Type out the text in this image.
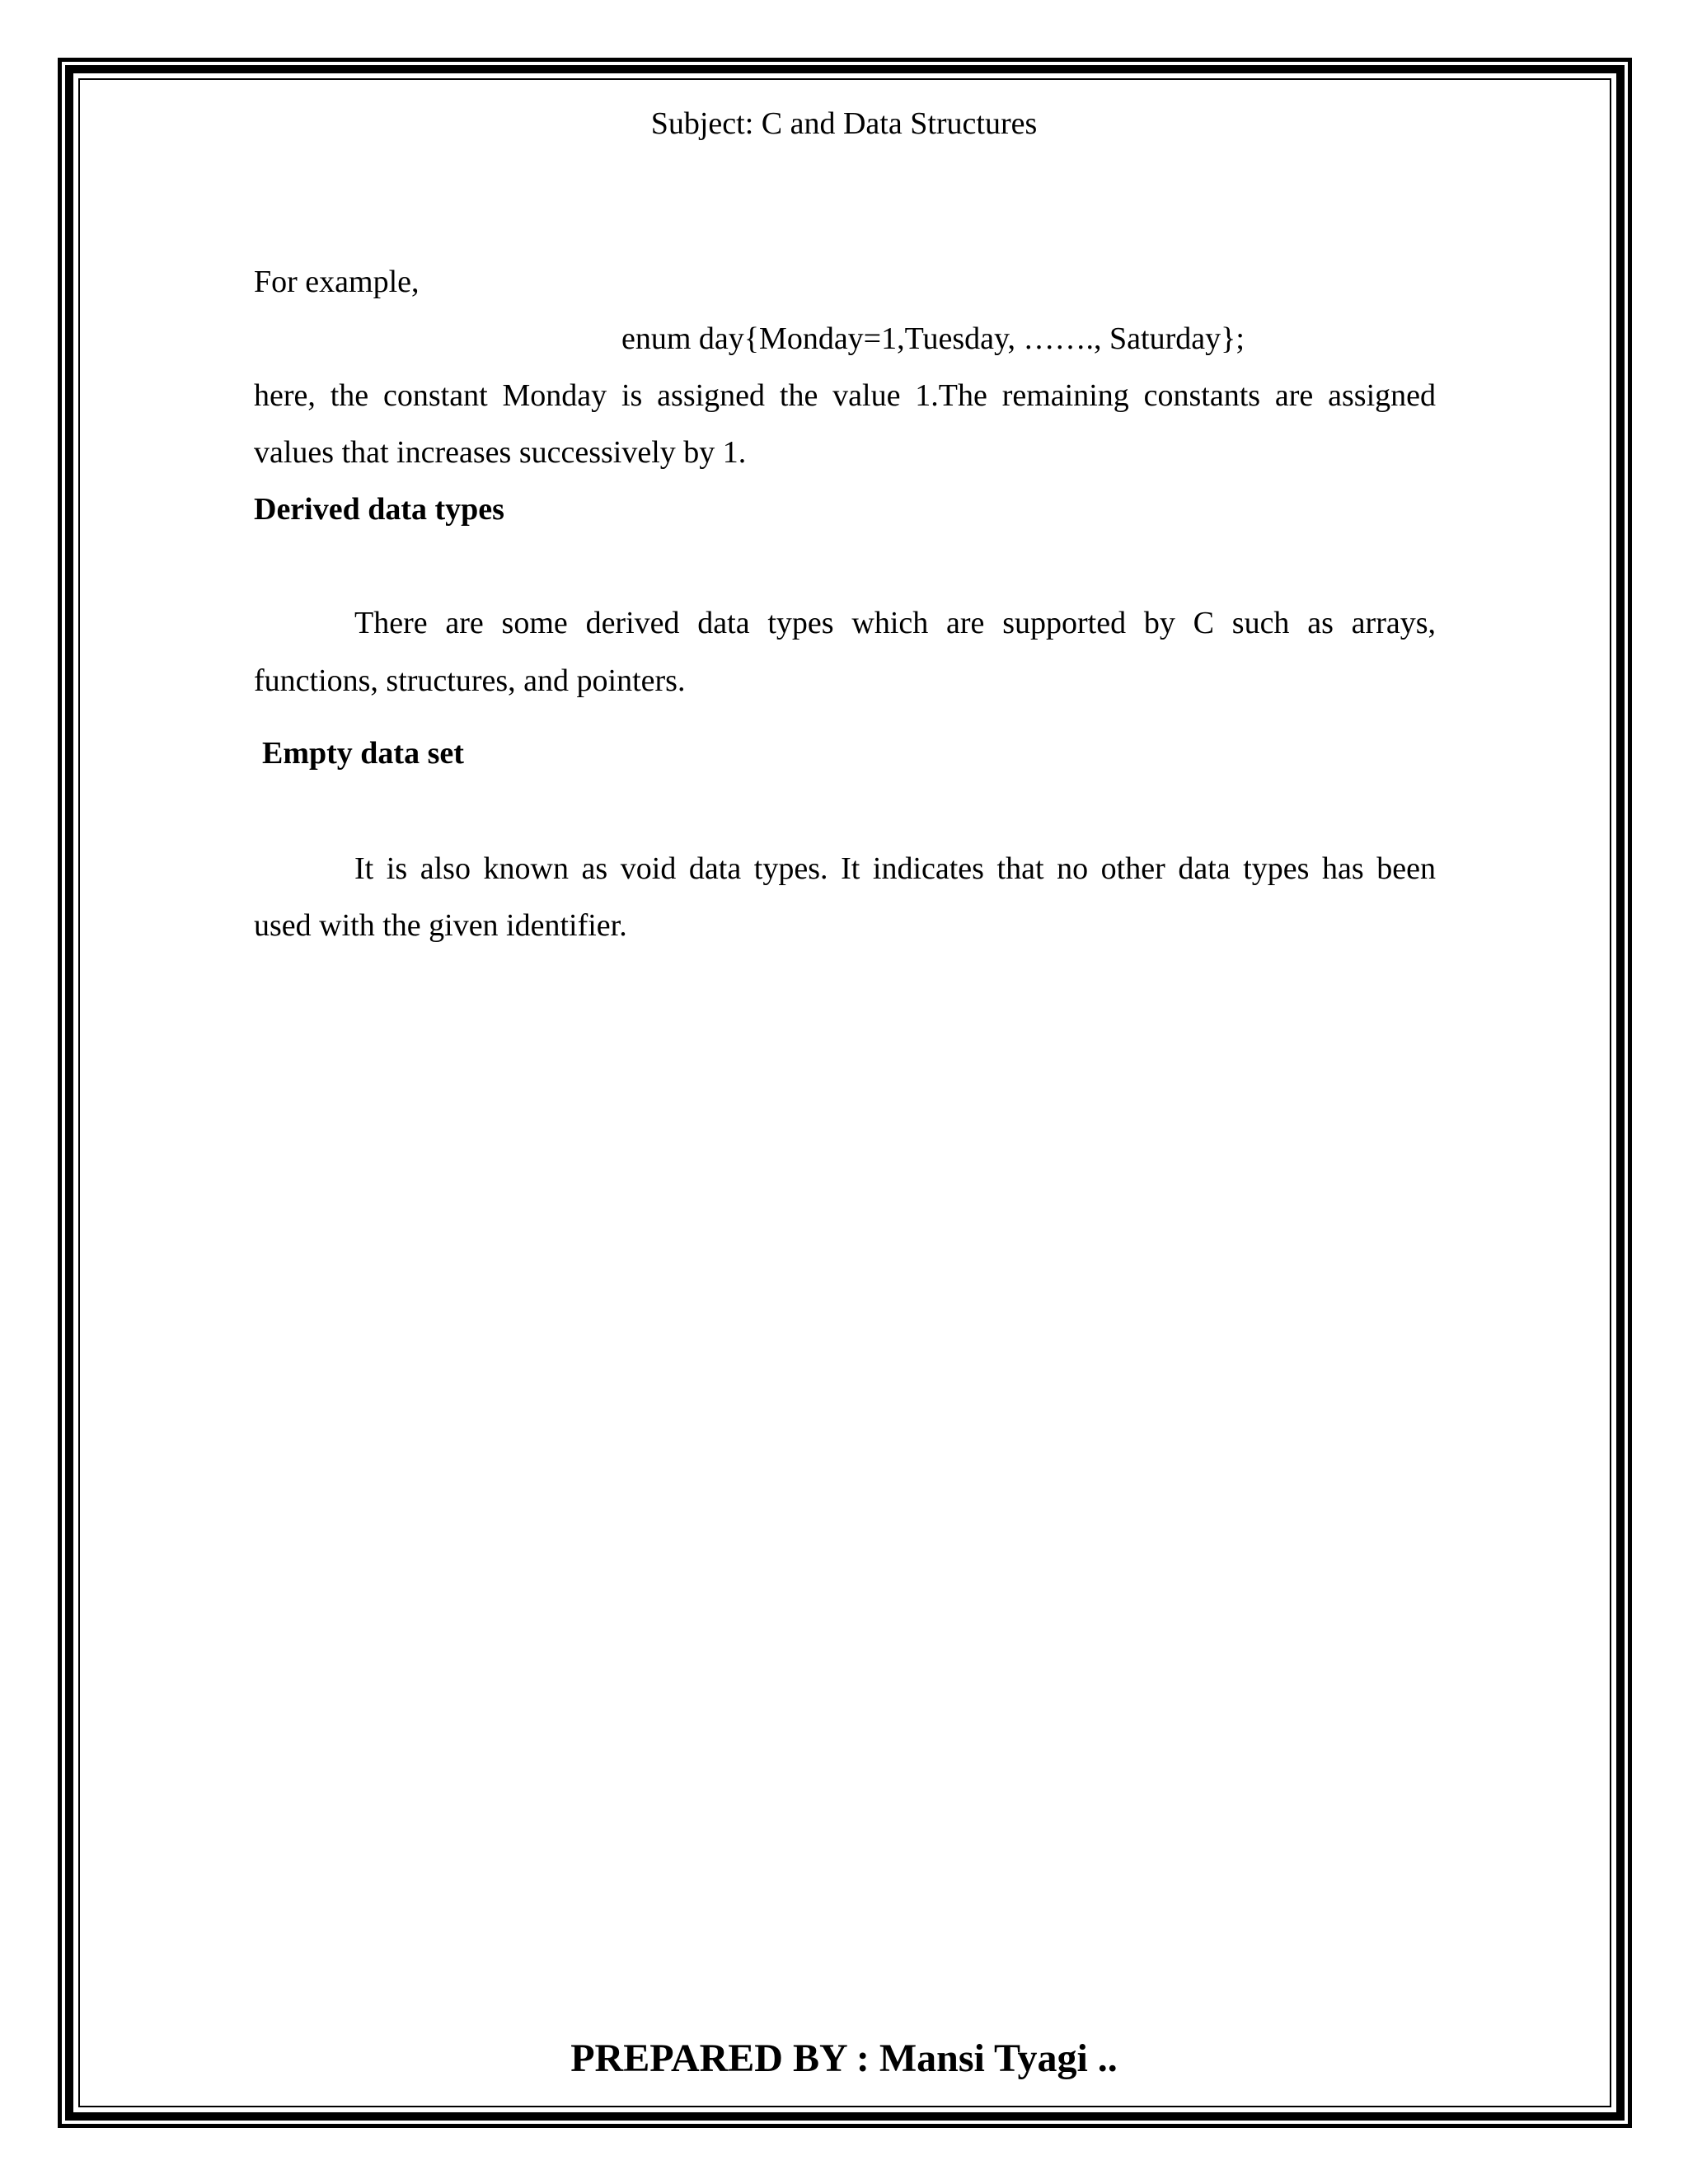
Subject: C and Data Structures
For example,
enum day{Monday=1,Tuesday, ……., Saturday};
here, the constant Monday is assigned the value 1.The remaining constants are assigned
values that increases successively by 1.
Derived data types
There are some derived data types which are supported by C such as arrays,
functions, structures, and pointers.
Empty data set
It is also known as void data types. It indicates that no other data types has been
used with the given identifier.
PREPARED BY : Mansi Tyagi ..
